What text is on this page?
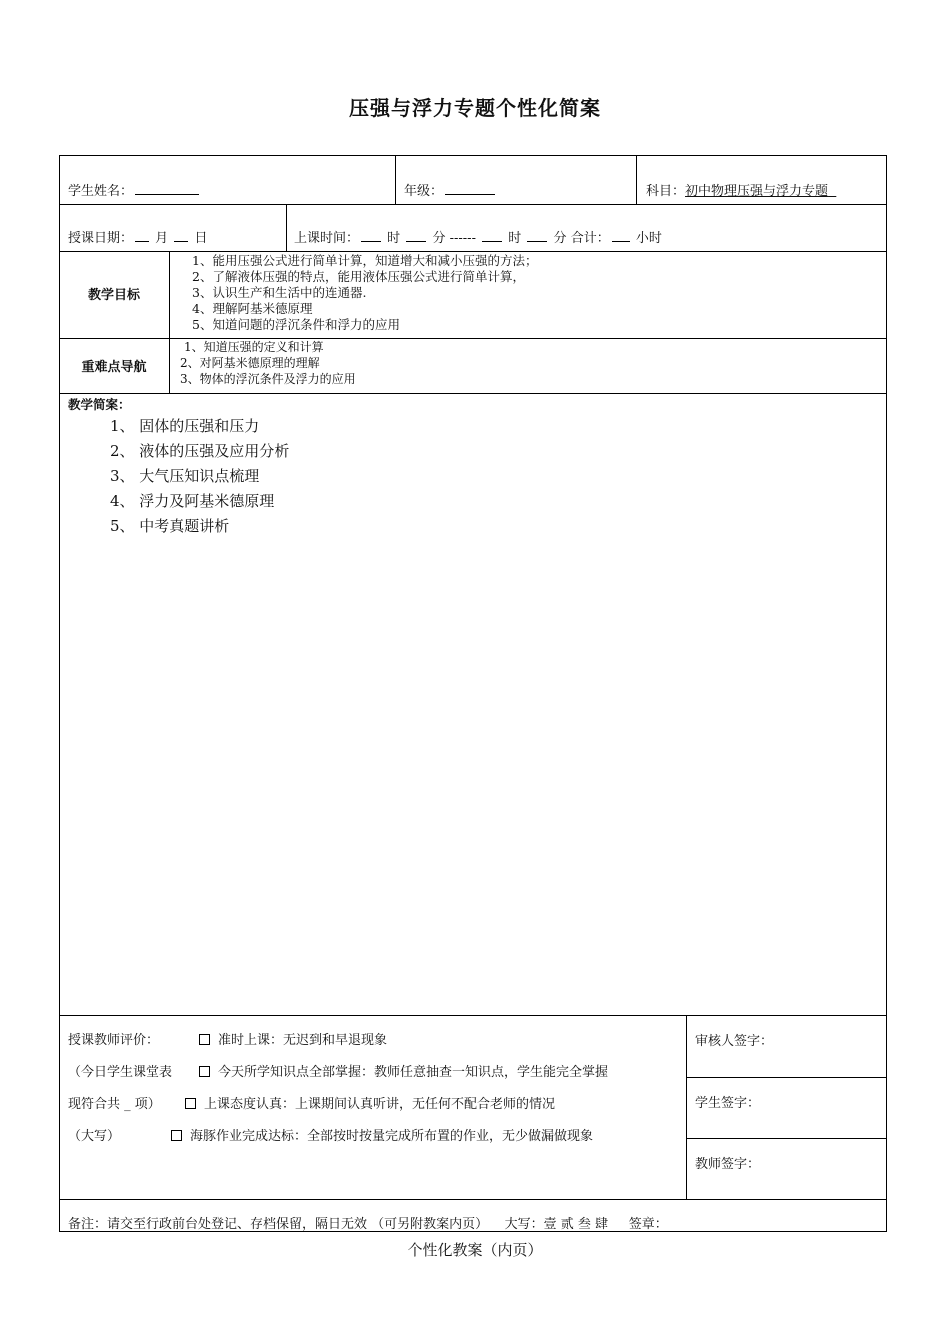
压强与浮力专题个性化简案
学生姓名：	年级：	科目：初中物理压强与浮力专题
授课日期： 月 日	上课时间： 时 分 ------ 时 分 合计： 小时
教学目标
1、能用压强公式进行简单计算，知道增大和减小压强的方法；
2、了解液体压强的特点，能用液体压强公式进行简单计算，
3、认识生产和生活中的连通器.
4、理解阿基米德原理
5、知道问题的浮沉条件和浮力的应用
重难点导航
1、知道压强的定义和计算
2、对阿基米德原理的理解
3、物体的浮沉条件及浮力的应用
教学简案：
1、 固体的压强和压力
2、 液体的压强及应用分析
3、 大气压知识点梳理
4、 浮力及阿基米德原理
5、 中考真题讲析
授课教师评价：	准时上课：无迟到和早退现象
（今日学生课堂表	今天所学知识点全部掌握：教师任意抽查一知识点，学生能完全掌握
现符合共 _ 项）	上课态度认真：上课期间认真听讲，无任何不配合老师的情况
（大写）	海豚作业完成达标：全部按时按量完成所布置的作业，无少做漏做现象
审核人签字：
学生签字：
教师签字：
备注：请交至行政前台处登记、存档保留，隔日无效 （可另附教案内页）    大写：壹 贰 叁 肆     签章：
个性化教案（内页）
